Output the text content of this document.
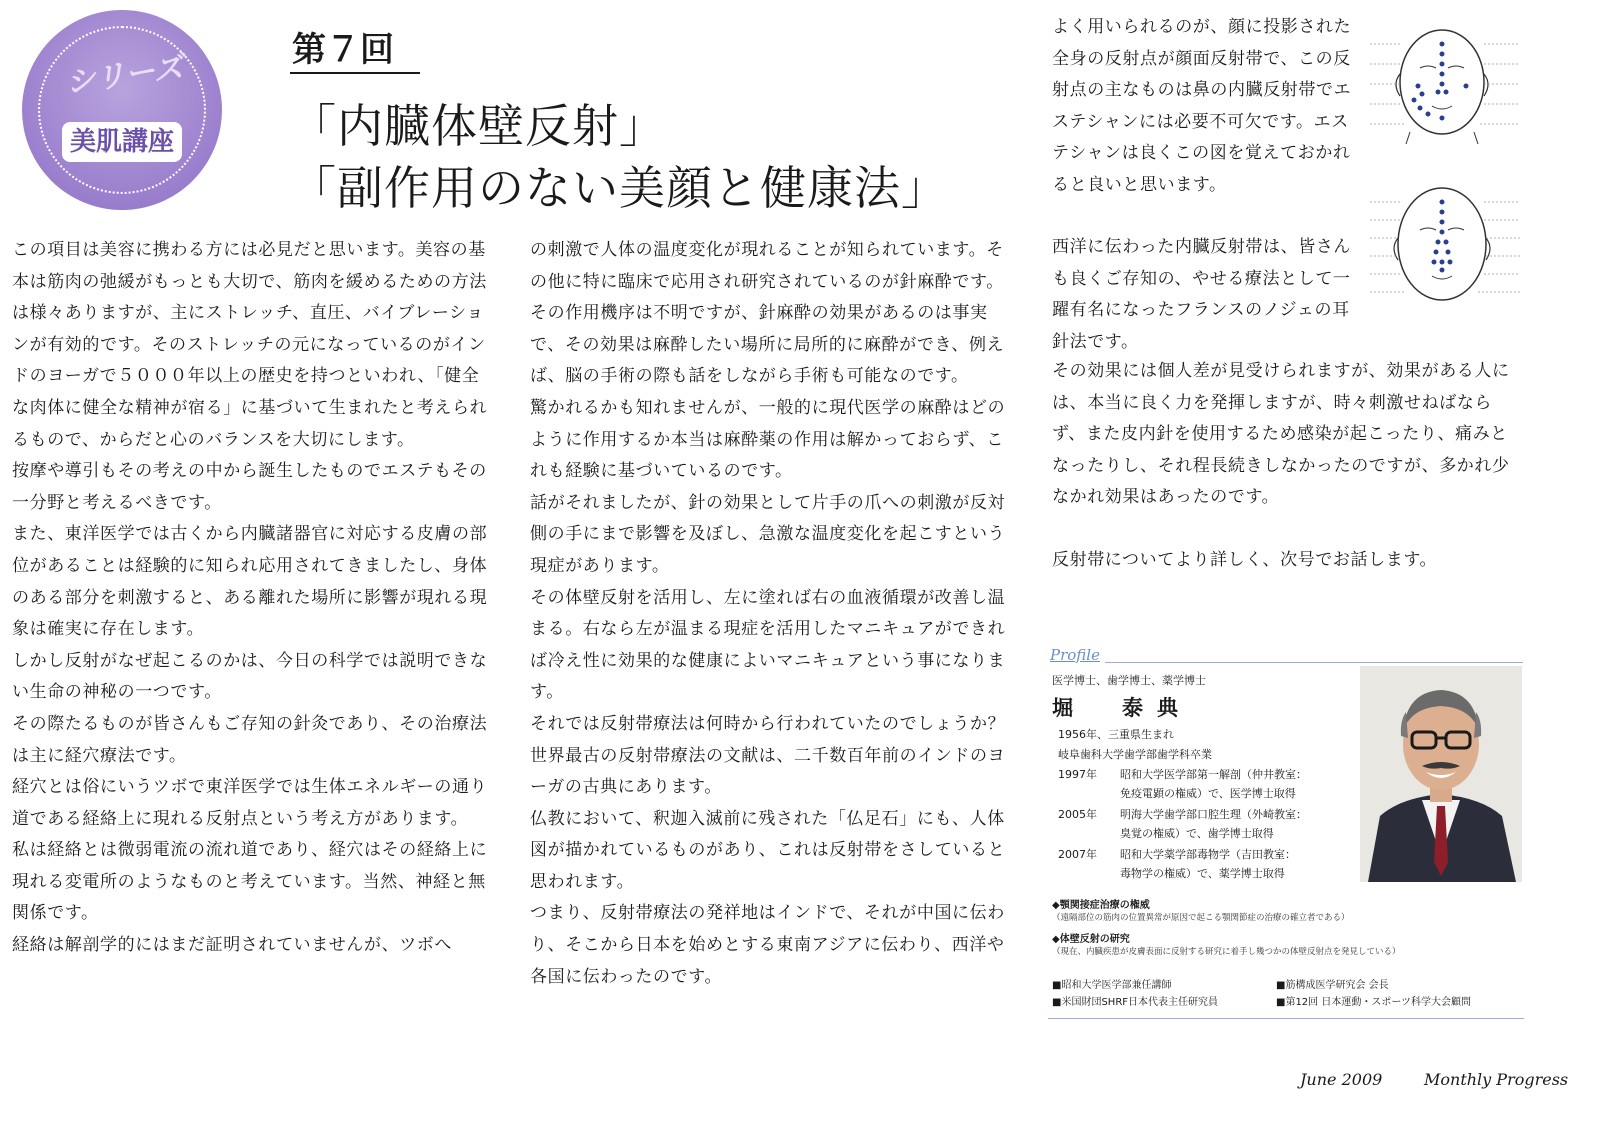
シリーズ
美肌講座
第７回
「内臓体壁反射」
「副作用のない美顔と健康法」

この項目は美容に携わる方には必見だと思います。美容の基本は筋肉の弛緩がもっとも大切で、筋肉を緩めるための方法は様々ありますが、主にストレッチ、直圧、バイブレーションが有効的です。そのストレッチの元になっているのがインドのヨーガで５０００年以上の歴史を持つといわれ、「健全な肉体に健全な精神が宿る」に基づいて生まれたと考えられるもので、からだと心のバランスを大切にします。

按摩や導引もその考えの中から誕生したものでエステもその一分野と考えるべきです。

また、東洋医学では古くから内臓諸器官に対応する皮膚の部位があることは経験的に知られ応用されてきましたし、身体のある部分を刺激すると、ある離れた場所に影響が現れる現象は確実に存在します。

しかし反射がなぜ起こるのかは、今日の科学では説明できない生命の神秘の一つです。

その際たるものが皆さんもご存知の針灸であり、その治療法は主に経穴療法です。

経穴とは俗にいうツボで東洋医学では生体エネルギーの通り道である経絡上に現れる反射点という考え方があります。

私は経絡とは微弱電流の流れ道であり、経穴はその経絡上に現れる変電所のようなものと考えています。当然、神経と無関係です。

経絡は解剖学的にはまだ証明されていませんが、ツボへ

の刺激で人体の温度変化が現れることが知られています。その他に特に臨床で応用され研究されているのが針麻酔です。その作用機序は不明ですが、針麻酔の効果があるのは事実で、その効果は麻酔したい場所に局所的に麻酔ができ、例えば、脳の手術の際も話をしながら手術も可能なのです。

驚かれるかも知れませんが、一般的に現代医学の麻酔はどのように作用するか本当は麻酔薬の作用は解かっておらず、これも経験に基づいているのです。

話がそれましたが、針の効果として片手の爪への刺激が反対側の手にまで影響を及ぼし、急激な温度変化を起こすという現症があります。

その体壁反射を活用し、左に塗れば右の血液循環が改善し温まる。右なら左が温まる現症を活用したマニキュアができれば冷え性に効果的な健康によいマニキュアという事になります。

それでは反射帯療法は何時から行われていたのでしょうか？世界最古の反射帯療法の文献は、二千数百年前のインドのヨーガの古典にあります。

仏教において、釈迦入滅前に残された「仏足石」にも、人体図が描かれているものがあり、これは反射帯をさしていると思われます。

つまり、反射帯療法の発祥地はインドで、それが中国に伝わり、そこから日本を始めとする東南アジアに伝わり、西洋や各国に伝わったのです。

よく用いられるのが、顔に投影された全身の反射点が顔面反射帯で、この反射点の主なものは鼻の内臓反射帯でエステシャンには必要不可欠です。エステシャンは良くこの図を覚えておかれると良いと思います。
西洋に伝わった内臓反射帯は、皆さんも良くご存知の、やせる療法として一躍有名になったフランスのノジェの耳針法です。
その効果には個人差が見受けられますが、効果がある人には、本当に良く力を発揮しますが、時々刺激せねばならず、また皮内針を使用するため感染が起こったり、痛みとなったりし、それ程長続きしなかったのですが、多かれ少なかれ効果はあったのです。
反射帯についてより詳しく、次号でお話します。
Profile
医学博士、歯学博士、薬学博士
堀　泰典
1956年、三重県生まれ
岐阜歯科大学歯学部歯学科卒業
1997年 昭和大学医学部第一解剖（仲井教室：
免疫電顕の権威）で、医学博士取得
2005年 明海大学歯学部口腔生理（外崎教室：
臭覚の権威）で、歯学博士取得
2007年 昭和大学薬学部毒物学（吉田教室：
毒物学の権威）で、薬学博士取得
◆顎関接症治療の権威
（遠隔部位の筋肉の位置異常が原因で起こる顎関節症の治療の確立者である）
◆体壁反射の研究
（現在、内臓疾患が皮膚表面に反射する研究に着手し幾つかの体壁反射点を発見している）
■昭和大学医学部兼任講師	■筋構成医学研究会 会長
■米国財団SHRF日本代表主任研究員	■第12回 日本運動・スポーツ科学大会顧問
June 2009	Monthly Progress
